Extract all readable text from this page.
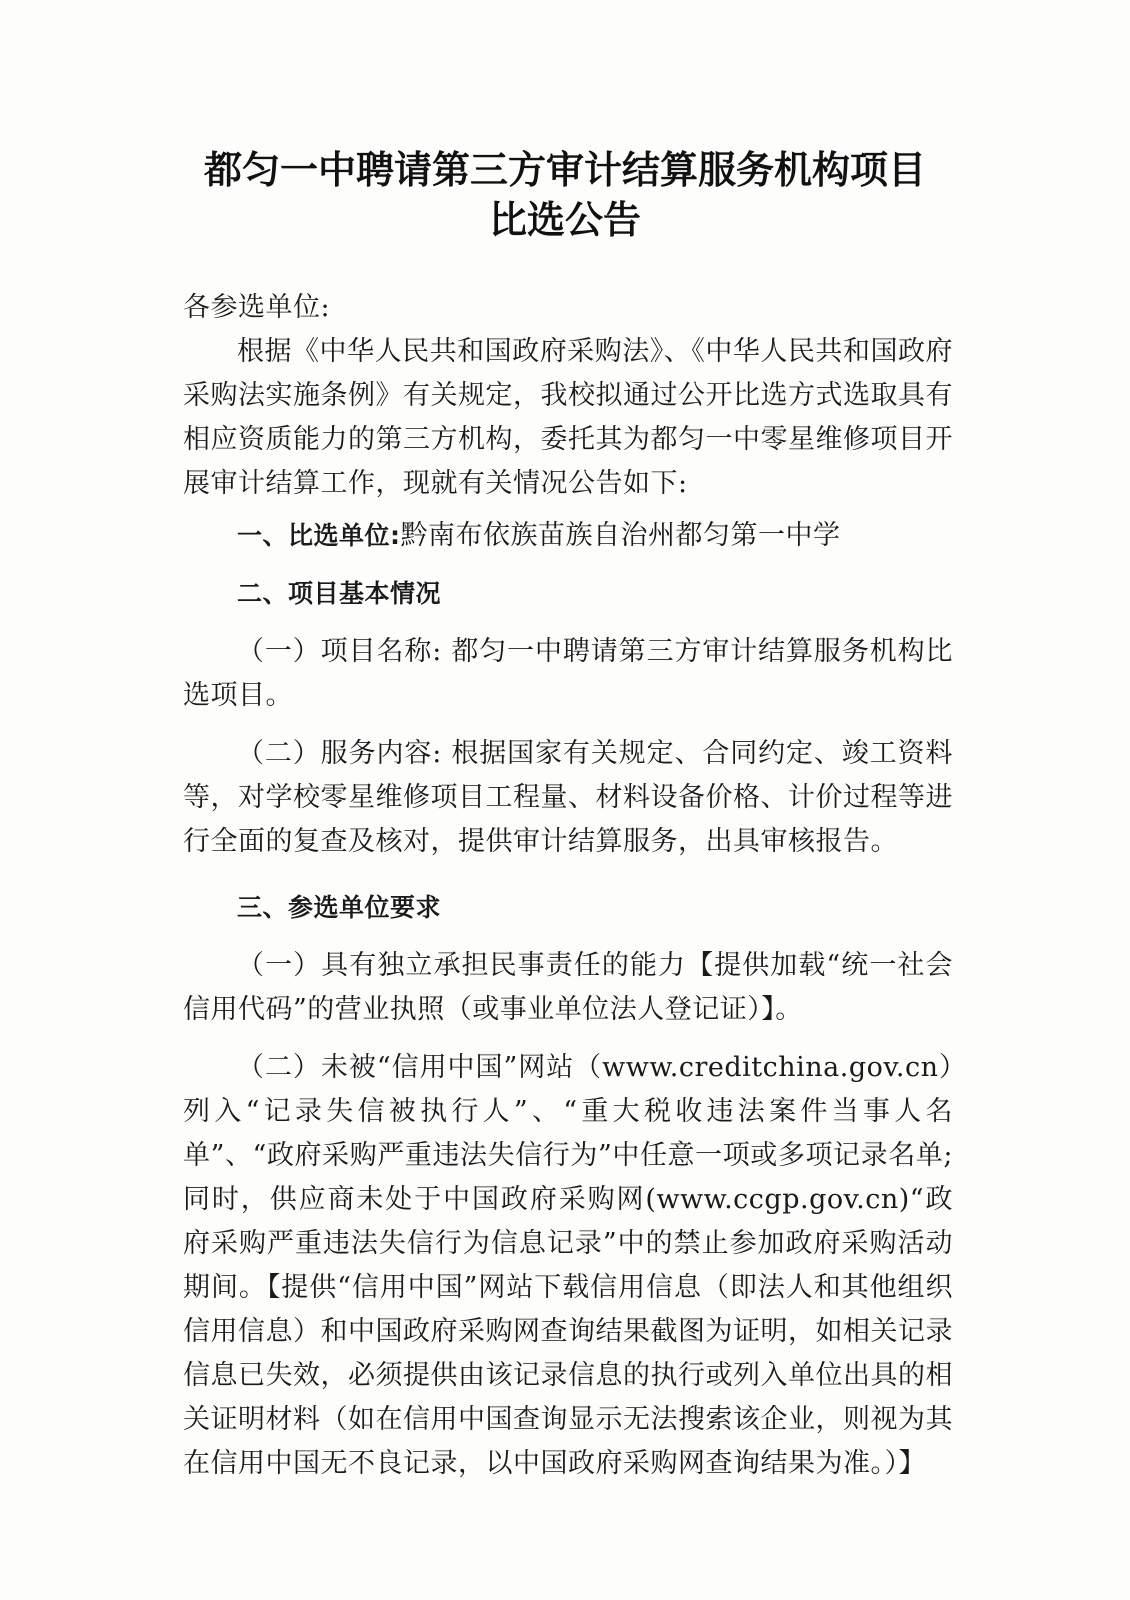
都匀一中聘请第三方审计结算服务机构项目
比选公告

各参选单位:

根据《中华人民共和国政府采购法》、《中华人民共和国政府采购法实施条例》有关规定，我校拟通过公开比选方式选取具有相应资质能力的第三方机构，委托其为都匀一中零星维修项目开展审计结算工作，现就有关情况公告如下:

一、比选单位:黔南布依族苗族自治州都匀第一中学

二、项目基本情况

（一）项目名称: 都匀一中聘请第三方审计结算服务机构比选项目。

（二）服务内容: 根据国家有关规定、合同约定、竣工资料等，对学校零星维修项目工程量、材料设备价格、计价过程等进行全面的复查及核对，提供审计结算服务，出具审核报告。

三、参选单位要求

（一）具有独立承担民事责任的能力【提供加载“统一社会信用代码”的营业执照（或事业单位法人登记证）】。

（二）未被“信用中国”网站（www.creditchina.gov.cn）列入“记录失信被执行人”、“重大税收违法案件当事人名单”、“政府采购严重违法失信行为”中任意一项或多项记录名单; 同时，供应商未处于中国政府采购网(www.ccgp.gov.cn)“政府采购严重违法失信行为信息记录”中的禁止参加政府采购活动期间。【提供“信用中国”网站下载信用信息（即法人和其他组织信用信息）和中国政府采购网查询结果截图为证明，如相关记录信息已失效，必须提供由该记录信息的执行或列入单位出具的相关证明材料（如在信用中国查询显示无法搜索该企业，则视为其在信用中国无不良记录，以中国政府采购网查询结果为准。）】
